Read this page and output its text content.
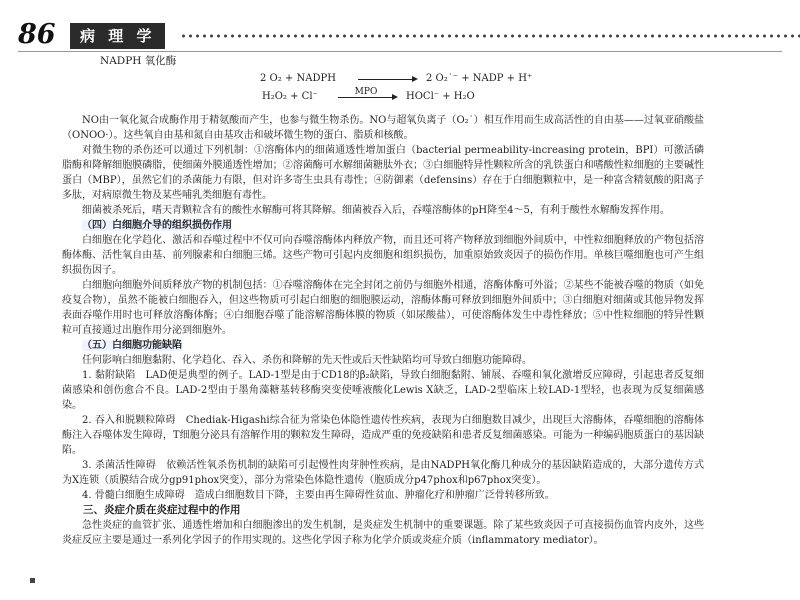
86	病 理 学

NADPH 氧化酶

2 O₂ + NADPH	2 O₂˙⁻ + NADP + H⁺
H₂O₂ + Cl⁻	MPO	HOCl⁻ + H₂O

NO由一氧化氮合成酶作用于精氨酸而产生，也参与微生物杀伤。NO与超氧负离子（O₂˙）相互作用而生成高活性的自由基——过氧亚硝酸盐（ONOO·）。这些氧自由基和氮自由基攻击和破坏微生物的蛋白、脂质和核酸。

对微生物的杀伤还可以通过下列机制：①溶酶体内的细菌通透性增加蛋白（bacterial permeability-increasing protein，BPI）可激活磷脂酶和降解细胞膜磷脂，使细菌外膜通透性增加；②溶菌酶可水解细菌糖肽外衣；③白细胞特异性颗粒所含的乳铁蛋白和嗜酸性粒细胞的主要碱性蛋白（MBP），虽然它们的杀菌能力有限，但对许多寄生虫具有毒性；④防御素（defensins）存在于白细胞颗粒中，是一种富含精氨酸的阳离子多肽，对病原微生物及某些哺乳类细胞有毒性。

细菌被杀死后，嗜天青颗粒含有的酸性水解酶可将其降解。细菌被吞入后，吞噬溶酶体的pH降至4～5，有利于酸性水解酶发挥作用。

（四）白细胞介导的组织损伤作用

白细胞在化学趋化、激活和吞噬过程中不仅可向吞噬溶酶体内释放产物，而且还可将产物释放到细胞外间质中，中性粒细胞释放的产物包括溶酶体酶、活性氧自由基、前列腺素和白细胞三烯。这些产物可引起内皮细胞和组织损伤，加重原始致炎因子的损伤作用。单核巨噬细胞也可产生组织损伤因子。

白细胞向细胞外间质释放产物的机制包括：①吞噬溶酶体在完全封闭之前仍与细胞外相通，溶酶体酶可外溢；②某些不能被吞噬的物质（如免疫复合物），虽然不能被白细胞吞入，但这些物质可引起白细胞的细胞膜运动，溶酶体酶可释放到细胞外间质中；③白细胞对细菌或其他异物发挥表面吞噬作用时也可释放溶酶体酶；④白细胞吞噬了能溶解溶酶体膜的物质（如尿酸盐），可使溶酶体发生中毒性释放；⑤中性粒细胞的特异性颗粒可直接通过出胞作用分泌到细胞外。

（五）白细胞功能缺陷

任何影响白细胞黏附、化学趋化、吞入、杀伤和降解的先天性或后天性缺陷均可导致白细胞功能障碍。

1. 黏附缺陷　LAD便是典型的例子。LAD-1型是由于CD18的β₂缺陷，导致白细胞黏附、铺展、吞噬和氧化激增反应障碍，引起患者反复细菌感染和创伤愈合不良。LAD-2型由于墨角藻糖基转移酶突变使唾液酸化Lewis X缺乏，LAD-2型临床上较LAD-1型轻，也表现为反复细菌感染。

2. 吞入和脱颗粒障碍　Chediak-Higashi综合征为常染色体隐性遗传性疾病，表现为白细胞数目减少，出现巨大溶酶体，吞噬细胞的溶酶体酶注入吞噬体发生障碍，T细胞分泌具有溶解作用的颗粒发生障碍，造成严重的免疫缺陷和患者反复细菌感染。可能为一种编码胞质蛋白的基因缺陷。

3. 杀菌活性障碍　依赖活性氧杀伤机制的缺陷可引起慢性肉芽肿性疾病，是由NADPH氧化酶几种成分的基因缺陷造成的，大部分遗传方式为X连锁（质膜结合成分gp91phox突变），部分为常染色体隐性遗传（胞质成分p47phox和p67phox突变）。

4. 骨髓白细胞生成障碍　造成白细胞数目下降，主要由再生障碍性贫血、肿瘤化疗和肿瘤广泛骨转移所致。

三、炎症介质在炎症过程中的作用

急性炎症的血管扩张、通透性增加和白细胞渗出的发生机制，是炎症发生机制中的重要课题。除了某些致炎因子可直接损伤血管内皮外，这些炎症反应主要是通过一系列化学因子的作用实现的。这些化学因子称为化学介质或炎症介质（inflammatory mediator）。
